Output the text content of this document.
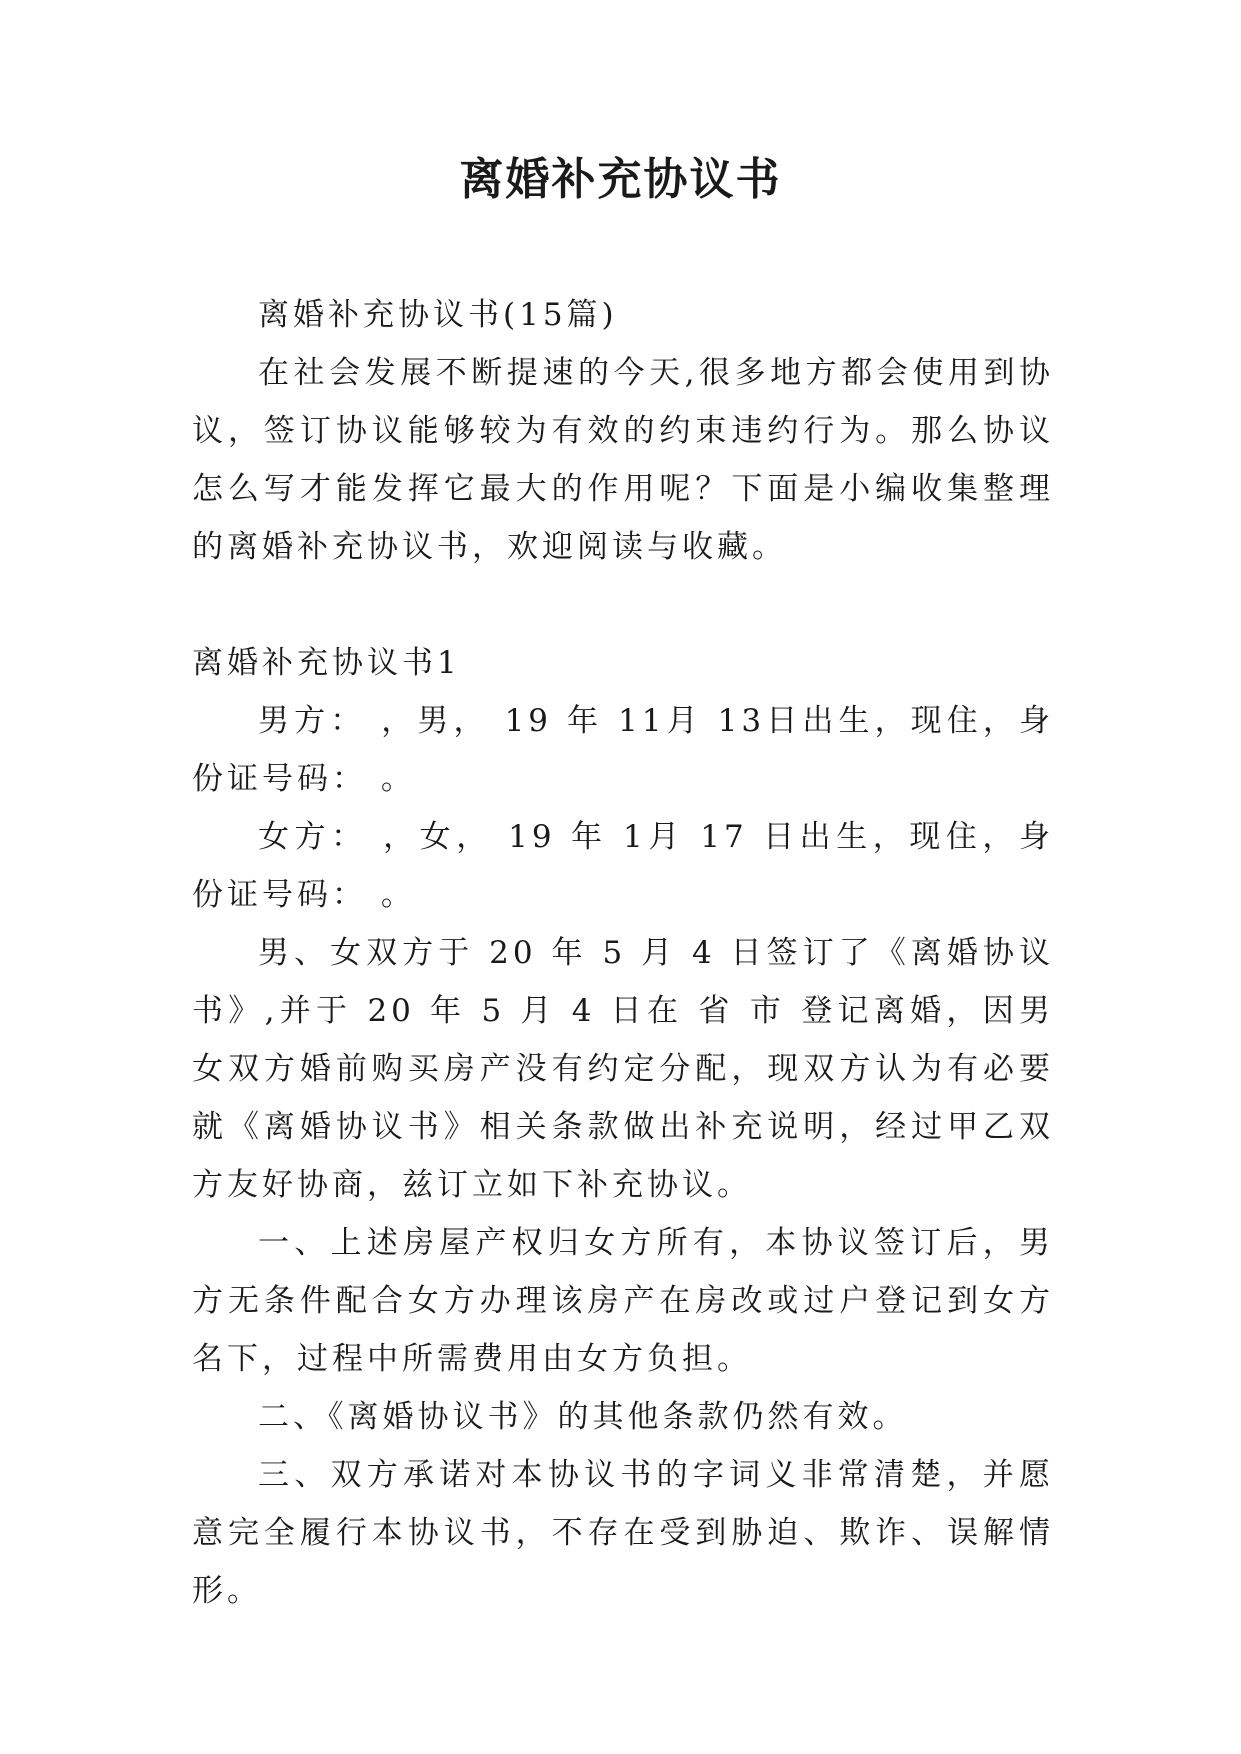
离婚补充协议书

离婚补充协议书(15篇)

在社会发展不断提速的今天,很多地方都会使用到协议，签订协议能够较为有效的约束违约行为。那么协议怎么写才能发挥它最大的作用呢？下面是小编收集整理的离婚补充协议书，欢迎阅读与收藏。

离婚补充协议书1

男方： ，男， 19 年 11月 13日出生，现住，身份证号码： 。

女方： ，女， 19 年 1月 17 日出生，现住，身份证号码： 。

男、女双方于 20 年 5 月 4 日签订了《离婚协议书》,并于 20 年 5 月 4 日在 省 市 登记离婚，因男女双方婚前购买房产没有约定分配，现双方认为有必要就《离婚协议书》相关条款做出补充说明，经过甲乙双方友好协商，兹订立如下补充协议。

一、上述房屋产权归女方所有，本协议签订后，男方无条件配合女方办理该房产在房改或过户登记到女方名下，过程中所需费用由女方负担。

二、《离婚协议书》的其他条款仍然有效。

三、双方承诺对本协议书的字词义非常清楚，并愿意完全履行本协议书，不存在受到胁迫、欺诈、误解情形。
